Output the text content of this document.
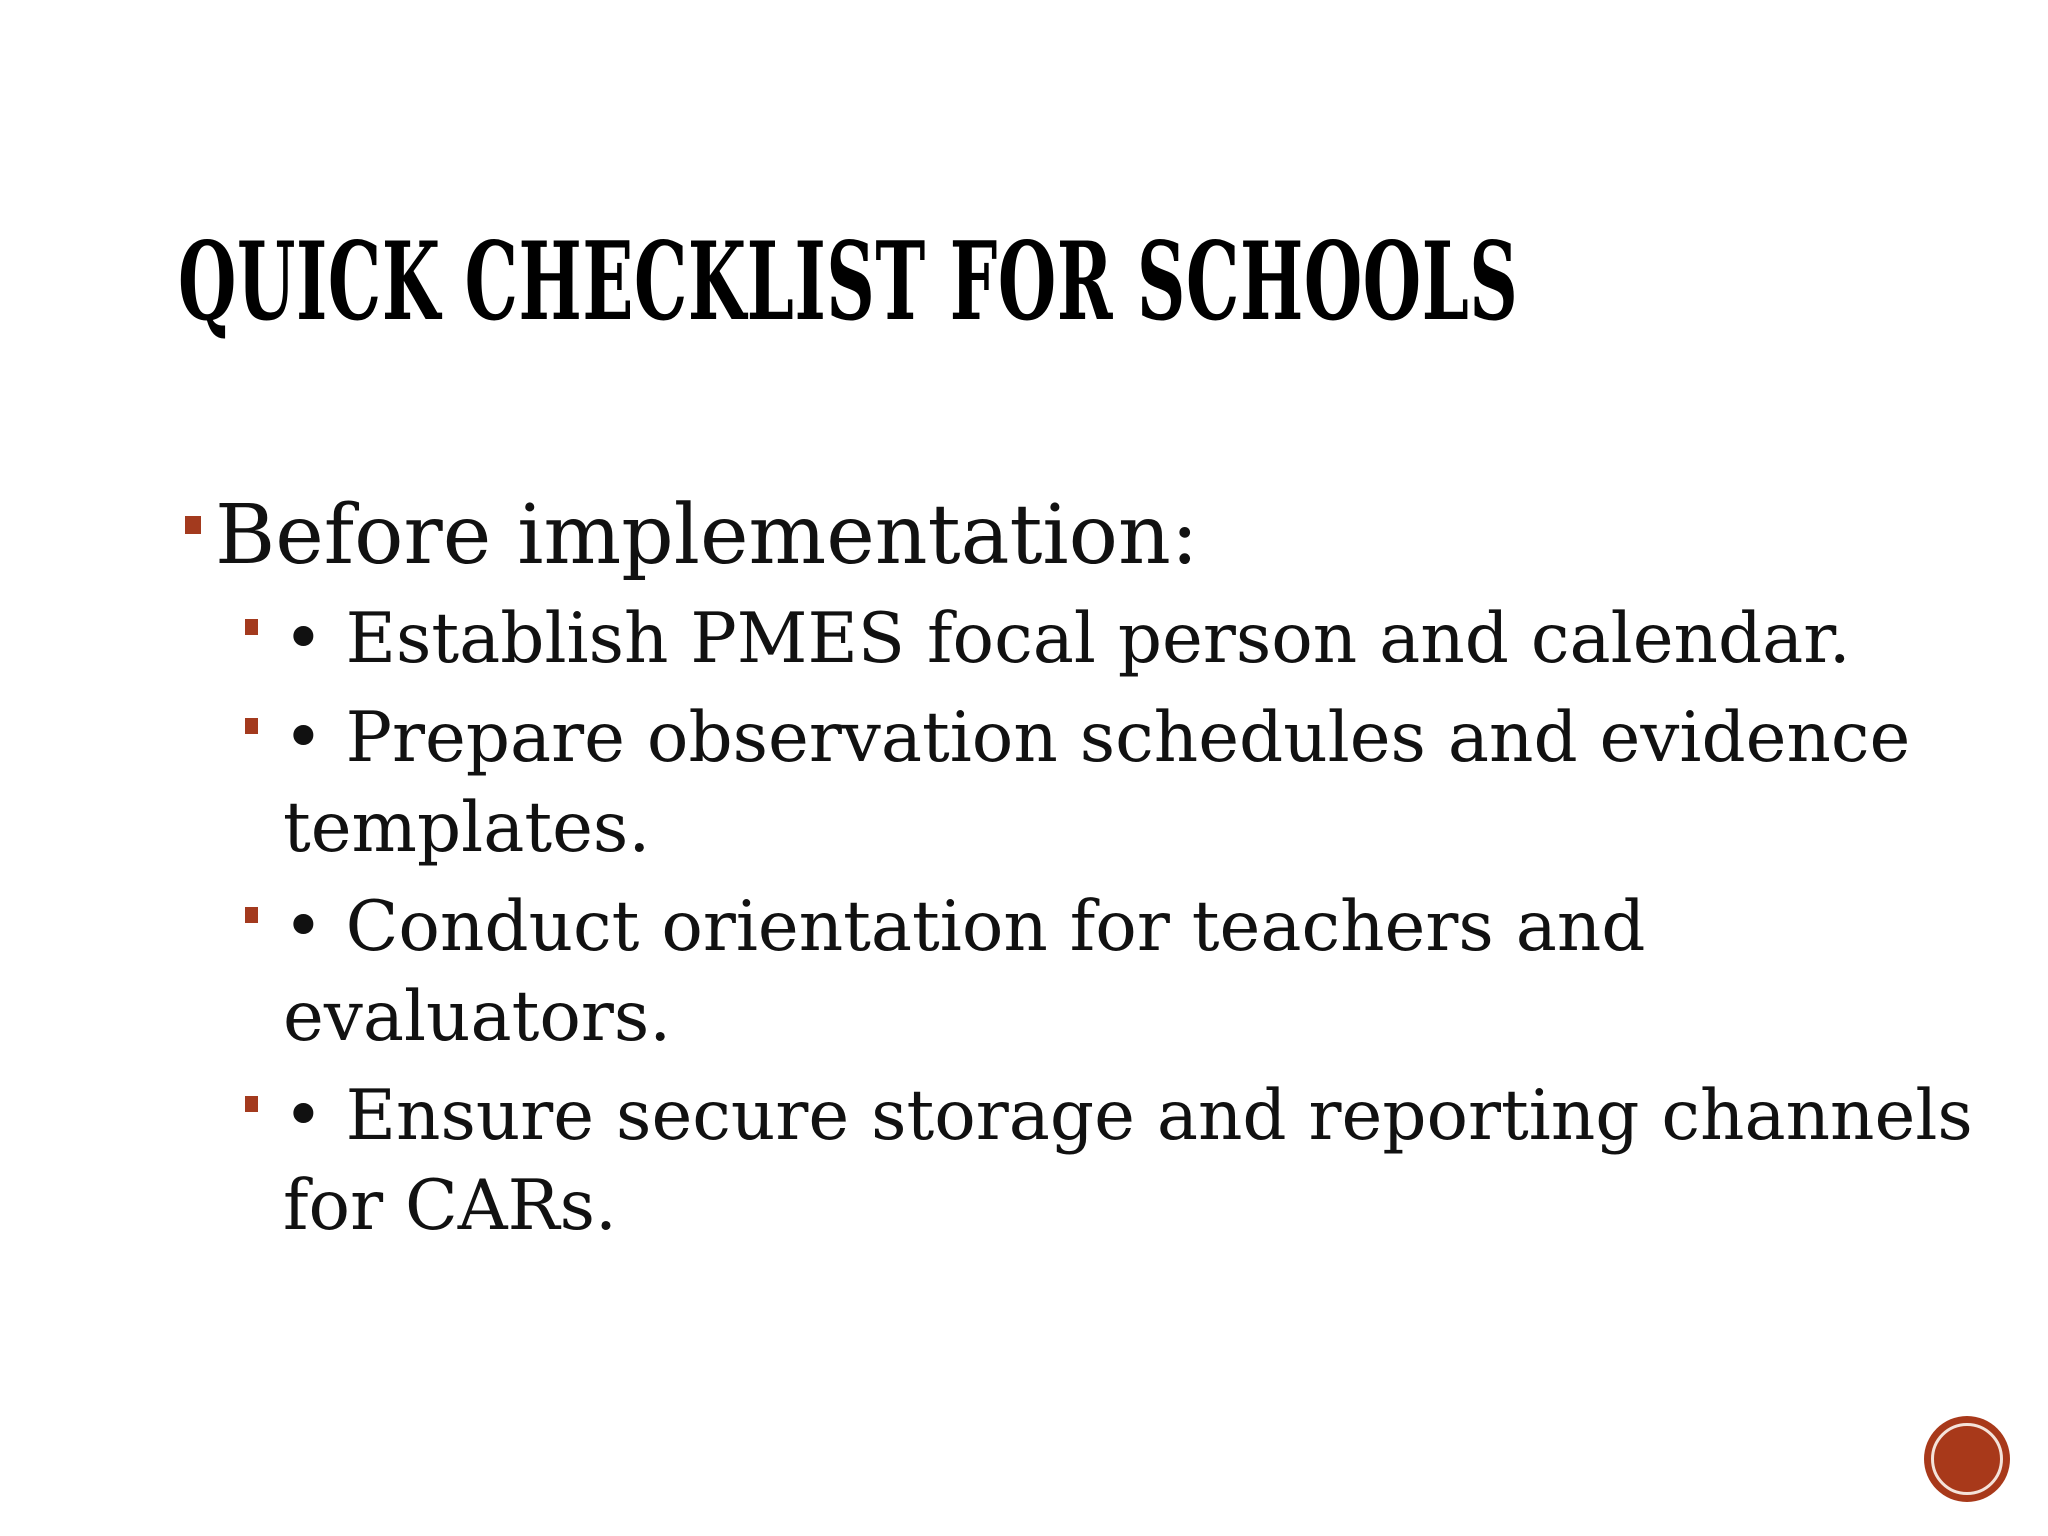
QUICK CHECKLIST FOR SCHOOLS
Before implementation:
• Establish PMES focal person and calendar.
• Prepare observation schedules and evidence templates.
• Conduct orientation for teachers and evaluators.
• Ensure secure storage and reporting channels for CARs.
